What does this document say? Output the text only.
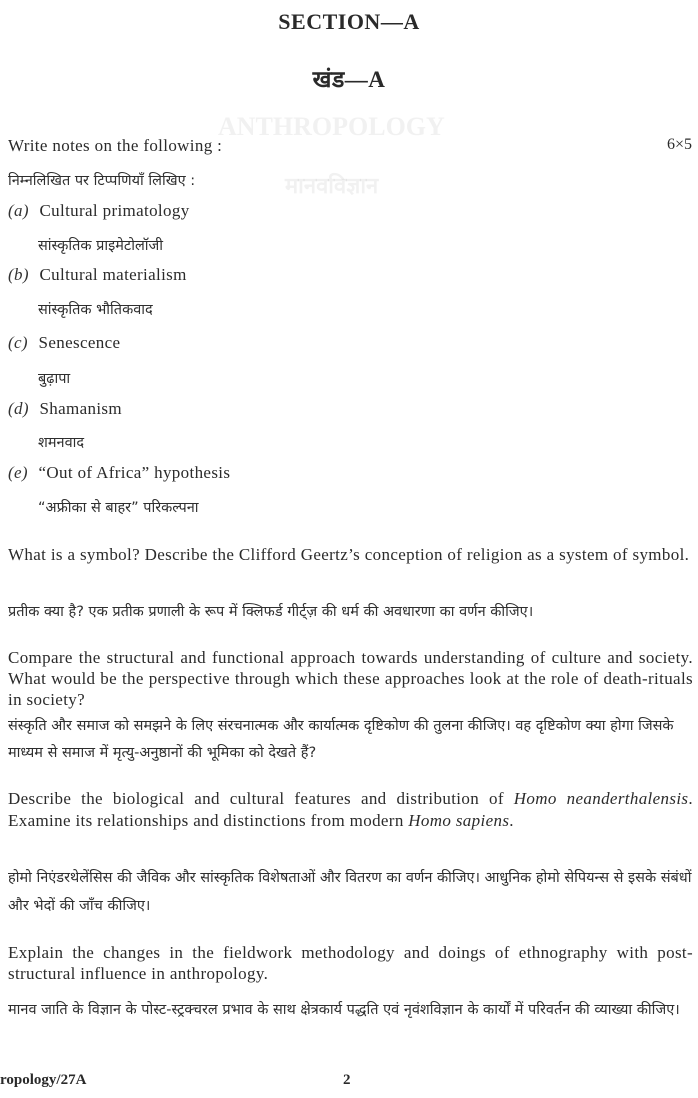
ANTHROPOLOGY
मानवविज्ञान
SECTION—A
खंड—A
Write notes on the following :	6×5
निम्नलिखित पर टिप्पणियाँ लिखिए :
(a) Cultural primatology
सांस्कृतिक प्राइमेटोलॉजी
(b) Cultural materialism
सांस्कृतिक भौतिकवाद
(c) Senescence
बुढ़ापा
(d) Shamanism
शमनवाद
(e) “Out of Africa” hypothesis
“अफ्रीका से बाहर” परिकल्पना
What is a symbol? Describe the Clifford Geertz’s conception of religion as a system of symbol.
प्रतीक क्या है? एक प्रतीक प्रणाली के रूप में क्लिफर्ड गीर्ट्ज़ की धर्म की अवधारणा का वर्णन कीजिए।
Compare the structural and functional approach towards understanding of culture and society. What would be the perspective through which these approaches look at the role of death-rituals in society?
संस्कृति और समाज को समझने के लिए संरचनात्मक और कार्यात्मक दृष्टिकोण की तुलना कीजिए। वह दृष्टिकोण क्या होगा जिसके माध्यम से समाज में मृत्यु-अनुष्ठानों की भूमिका को देखते हैं?
Describe the biological and cultural features and distribution of Homo neanderthalensis. Examine its relationships and distinctions from modern Homo sapiens.
होमो निएंडरथेलेंसिस की जैविक और सांस्कृतिक विशेषताओं और वितरण का वर्णन कीजिए। आधुनिक होमो सेपियन्स से इसके संबंधों और भेदों की जाँच कीजिए।
Explain the changes in the fieldwork methodology and doings of ethnography with post-structural influence in anthropology.
मानव जाति के विज्ञान के पोस्ट-स्ट्रक्चरल प्रभाव के साथ क्षेत्रकार्य पद्धति एवं नृवंशविज्ञान के कार्यों में परिवर्तन की व्याख्या कीजिए।
ropology/27A	2
